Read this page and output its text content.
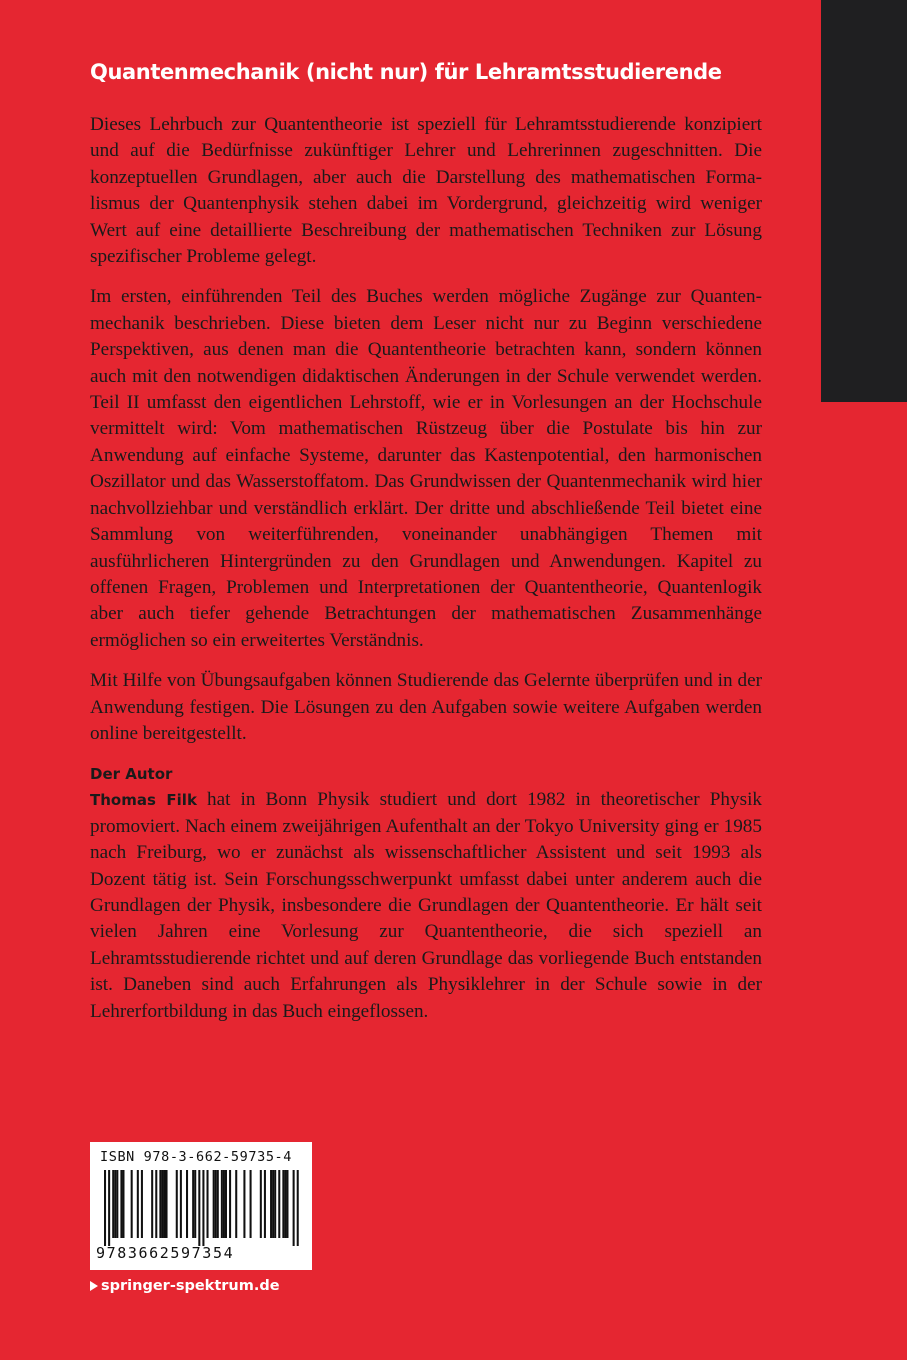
Quantenmechanik (nicht nur) für Lehramtsstudierende

Dieses Lehrbuch zur Quantentheorie ist speziell für Lehramtsstudierende konzipiert und auf die Bedürfnisse zukünftiger Lehrer und Lehrerinnen zugeschnitten. Die konzeptuellen Grundlagen, aber auch die Darstellung des mathematischen Formalismus der Quantenphysik stehen dabei im Vordergrund, gleichzeitig wird weniger Wert auf eine detaillierte Beschreibung der mathematischen Techniken zur Lösung spezifischer Probleme gelegt.

Im ersten, einführenden Teil des Buches werden mögliche Zugänge zur Quantenmechanik beschrieben. Diese bieten dem Leser nicht nur zu Beginn verschiedene Perspektiven, aus denen man die Quantentheorie betrachten kann, sondern können auch mit den notwendigen didaktischen Änderungen in der Schule verwendet werden. Teil II umfasst den eigentlichen Lehrstoff, wie er in Vorlesungen an der Hochschule vermittelt wird: Vom mathematischen Rüstzeug über die Postulate bis hin zur Anwendung auf einfache Systeme, darunter das Kastenpotential, den harmonischen Oszillator und das Wasserstoffatom. Das Grundwissen der Quantenmechanik wird hier nachvollziehbar und verständlich erklärt. Der dritte und abschließende Teil bietet eine Sammlung von weiterführenden, voneinander unabhängigen Themen mit ausführlicheren Hintergründen zu den Grundlagen und Anwendungen. Kapitel zu offenen Fragen, Problemen und Interpretationen der Quantentheorie, Quantenlogik aber auch tiefer gehende Betrachtungen der mathematischen Zusammenhänge ermöglichen so ein erweitertes Verständnis.

Mit Hilfe von Übungsaufgaben können Studierende das Gelernte überprüfen und in der Anwendung festigen. Die Lösungen zu den Aufgaben sowie weitere Aufgaben werden online bereitgestellt.

Der Autor

Thomas Filk hat in Bonn Physik studiert und dort 1982 in theoretischer Physik promoviert. Nach einem zweijährigen Aufenthalt an der Tokyo University ging er 1985 nach Freiburg, wo er zunächst als wissenschaftlicher Assistent und seit 1993 als Dozent tätig ist. Sein Forschungsschwerpunkt umfasst dabei unter anderem auch die Grundlagen der Physik, insbesondere die Grundlagen der Quantentheorie. Er hält seit vielen Jahren eine Vorlesung zur Quantentheorie, die sich speziell an Lehramtsstudierende richtet und auf deren Grundlage das vorliegende Buch entstanden ist. Daneben sind auch Erfahrungen als Physiklehrer in der Schule sowie in der Lehrerfortbildung in das Buch eingeflossen.

ISBN 978-3-662-59735-4
9783662597354
springer-spektrum.de
